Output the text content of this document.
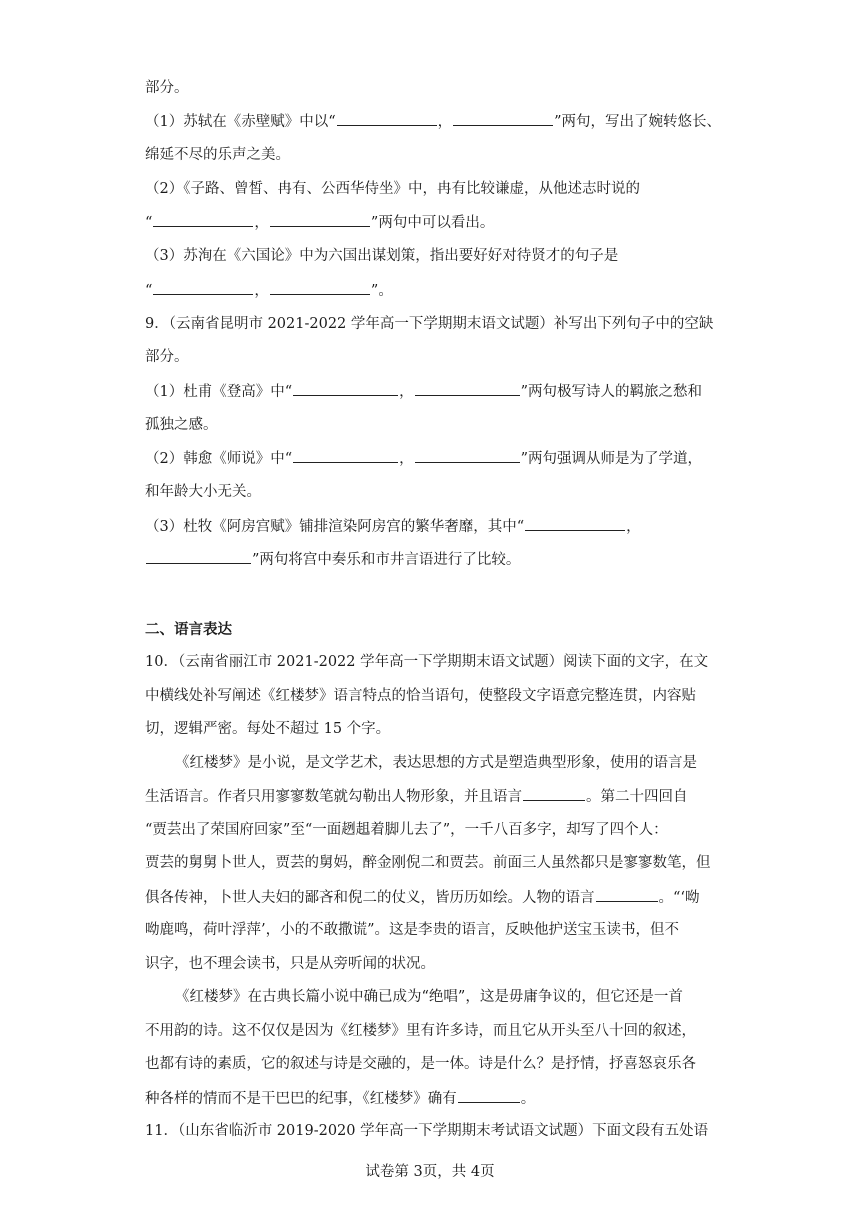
部分。
（1）苏轼在《赤壁赋》中以“	，	”两句，写出了婉转悠长、
绵延不尽的乐声之美。
（2）《子路、曾皙、冉有、公西华侍坐》中，冉有比较谦虚，从他述志时说的
“	，	”两句中可以看出。
（3）苏洵在《六国论》中为六国出谋划策，指出要好好对待贤才的句子是
“	，	”。
9．（云南省昆明市 2021-2022 学年高一下学期期末语文试题）补写出下列句子中的空缺
部分。
（1）杜甫《登高》中“	，	”两句极写诗人的羁旅之愁和
孤独之感。
（2）韩愈《师说》中“	，	”两句强调从师是为了学道，
和年龄大小无关。
（3）杜牧《阿房宫赋》铺排渲染阿房宫的繁华奢靡，其中“	，
”两句将宫中奏乐和市井言语进行了比较。
二、语言表达
10．（云南省丽江市 2021-2022 学年高一下学期期末语文试题）阅读下面的文字，在文
中横线处补写阐述《红楼梦》语言特点的恰当语句，使整段文字语意完整连贯，内容贴
切，逻辑严密。每处不超过 15 个字。
《红楼梦》是小说，是文学艺术，表达思想的方式是塑造典型形象，使用的语言是
生活语言。作者只用寥寥数笔就勾勒出人物形象，并且语言	。第二十四回自
“贾芸出了荣国府回家”至“一面趔趄着脚儿去了”，一千八百多字，却写了四个人：
贾芸的舅舅卜世人，贾芸的舅妈，醉金刚倪二和贾芸。前面三人虽然都只是寥寥数笔，但
俱各传神，卜世人夫妇的鄙吝和倪二的仗义，皆历历如绘。人物的语言	。“‘呦
呦鹿鸣，荷叶浮萍’，小的不敢撒谎”。这是李贵的语言，反映他护送宝玉读书，但不
识字，也不理会读书，只是从旁听闻的状况。
《红楼梦》在古典长篇小说中确已成为“绝唱”，这是毋庸争议的，但它还是一首
不用韵的诗。这不仅仅是因为《红楼梦》里有许多诗，而且它从开头至八十回的叙述，
也都有诗的素质，它的叙述与诗是交融的，是一体。诗是什么？是抒情，抒喜怒哀乐各
种各样的情而不是干巴巴的纪事，《红楼梦》确有	。
11．（山东省临沂市 2019-2020 学年高一下学期期末考试语文试题）下面文段有五处语
试卷第 3页，共 4页
